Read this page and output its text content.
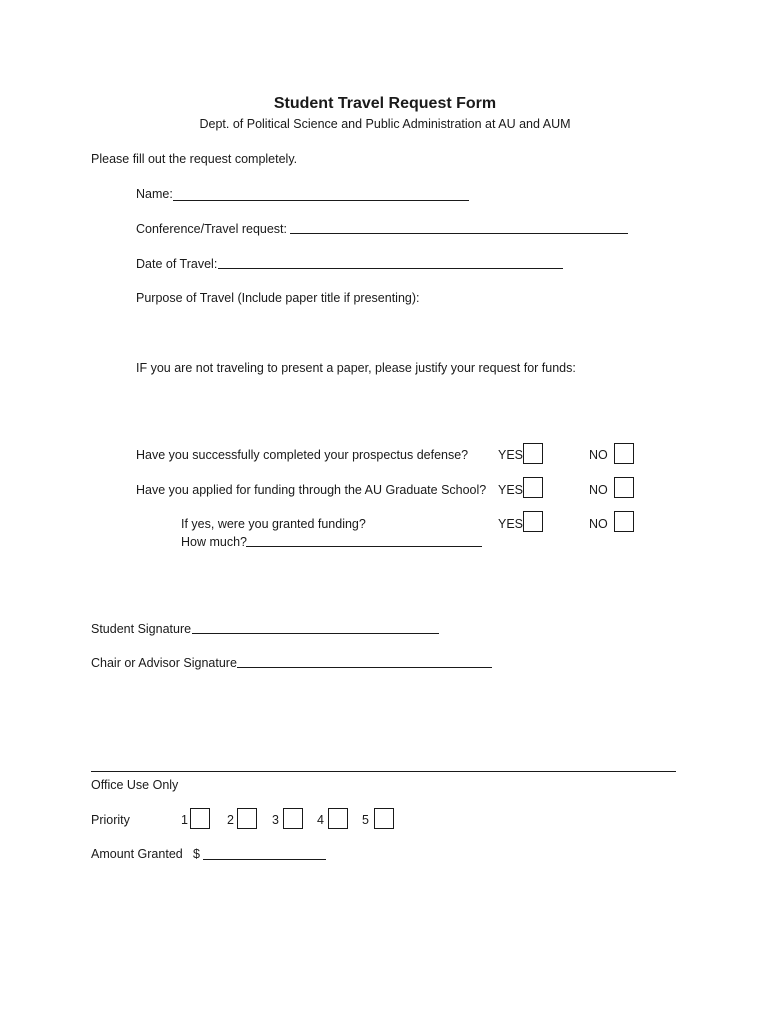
Student Travel Request Form
Dept. of Political Science and Public Administration at AU and AUM
Please fill out the request completely.
Name:
Conference/Travel request:
Date of Travel:
Purpose of Travel (Include paper title if presenting):
IF you are not traveling to present a paper, please justify your request for funds:
Have you successfully completed your prospectus defense? YES	NO
Have you applied for funding through the AU Graduate School? YES	NO
If yes, were you granted funding?	YES	NO
How much?
Student Signature
Chair or Advisor Signature
Office Use Only
Priority	1	2	3	4	5
Amount Granted $
